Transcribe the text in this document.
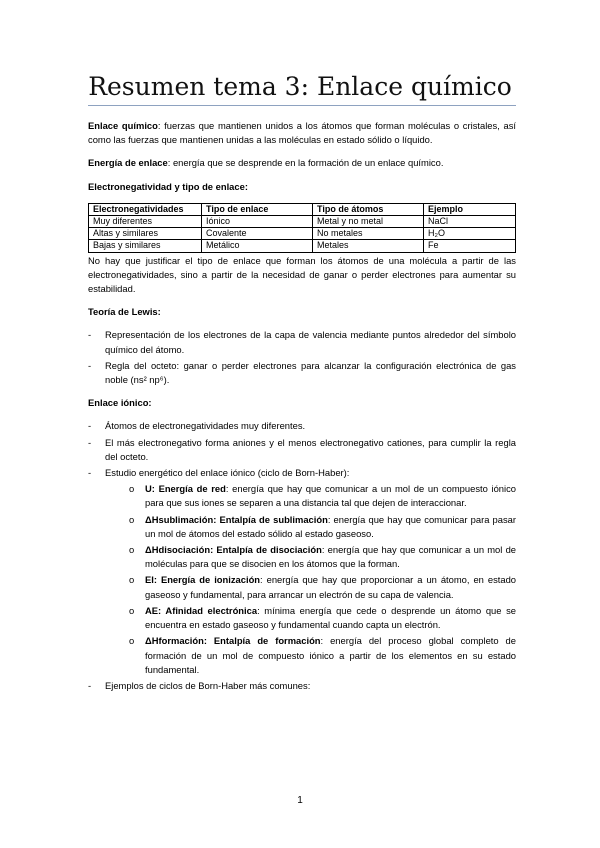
Resumen tema 3: Enlace químico

Enlace químico: fuerzas que mantienen unidos a los átomos que forman moléculas o cristales, así como las fuerzas que mantienen unidas a las moléculas en estado sólido o líquido.

Energía de enlace: energía que se desprende en la formación de un enlace químico.

Electronegatividad y tipo de enlace:
Electronegatividades	Tipo de enlace	Tipo de átomos	Ejemplo
Muy diferentes	Iónico	Metal y no metal	NaCl
Altas y similares	Covalente	No metales	H₂O
Bajas y similares	Metálico	Metales	Fe

No hay que justificar el tipo de enlace que forman los átomos de una molécula a partir de las electronegatividades, sino a partir de la necesidad de ganar o perder electrones para aumentar su estabilidad.

Teoría de Lewis:
- Representación de los electrones de la capa de valencia mediante puntos alrededor del símbolo químico del átomo.
- Regla del octeto: ganar o perder electrones para alcanzar la configuración electrónica de gas noble (ns² np⁶).
Enlace iónico:
- Átomos de electronegatividades muy diferentes.
- El más electronegativo forma aniones y el menos electronegativo cationes, para cumplir la regla del octeto.
- Estudio energético del enlace iónico (ciclo de Born-Haber):
o U: Energía de red: energía que hay que comunicar a un mol de un compuesto iónico para que sus iones se separen a una distancia tal que dejen de interaccionar.
o ΔHsublimación: Entalpía de sublimación: energía que hay que comunicar para pasar un mol de átomos del estado sólido al estado gaseoso.
o ΔHdisociación: Entalpía de disociación: energía que hay que comunicar a un mol de moléculas para que se disocien en los átomos que la forman.
o EI: Energía de ionización: energía que hay que proporcionar a un átomo, en estado gaseoso y fundamental, para arrancar un electrón de su capa de valencia.
o AE: Afinidad electrónica: mínima energía que cede o desprende un átomo que se encuentra en estado gaseoso y fundamental cuando capta un electrón.
o ΔHformación: Entalpía de formación: energía del proceso global completo de formación de un mol de compuesto iónico a partir de los elementos en su estado fundamental.
- Ejemplos de ciclos de Born-Haber más comunes:
1
